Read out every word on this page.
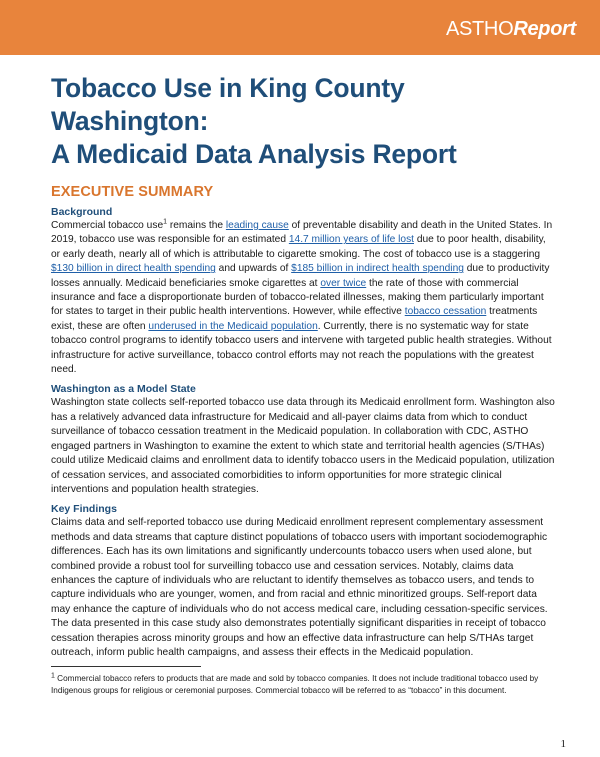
ASTHOReport
Tobacco Use in King County Washington:
A Medicaid Data Analysis Report
EXECUTIVE SUMMARY
Background

Commercial tobacco use$^1$ remains the leading cause of preventable disability and death in the United States. In 2019, tobacco use was responsible for an estimated 14.7 million years of life lost due to poor health, disability, or early death, nearly all of which is attributable to cigarette smoking. The cost of tobacco use is a staggering $130 billion in direct health spending and upwards of $185 billion in indirect health spending due to productivity losses annually. Medicaid beneficiaries smoke cigarettes at over twice the rate of those with commercial insurance and face a disproportionate burden of tobacco-related illnesses, making them particularly important for states to target in their public health interventions. However, while effective tobacco cessation treatments exist, these are often underused in the Medicaid population. Currently, there is no systematic way for state tobacco control programs to identify tobacco users and intervene with targeted public health strategies. Without infrastructure for active surveillance, tobacco control efforts may not reach the populations with the greatest need.

Washington as a Model State

Washington state collects self-reported tobacco use data through its Medicaid enrollment form. Washington also has a relatively advanced data infrastructure for Medicaid and all-payer claims data from which to conduct surveillance of tobacco cessation treatment in the Medicaid population. In collaboration with CDC, ASTHO engaged partners in Washington to examine the extent to which state and territorial health agencies (S/THAs) could utilize Medicaid claims and enrollment data to identify tobacco users in the Medicaid population, utilization of cessation services, and associated comorbidities to inform opportunities for more strategic clinical interventions and population health strategies.

Key Findings

Claims data and self-reported tobacco use during Medicaid enrollment represent complementary assessment methods and data streams that capture distinct populations of tobacco users with important sociodemographic differences. Each has its own limitations and significantly undercounts tobacco users when used alone, but combined provide a robust tool for surveilling tobacco use and cessation services. Notably, claims data enhances the capture of individuals who are reluctant to identify themselves as tobacco users, and tends to capture individuals who are younger, women, and from racial and ethnic minoritized groups. Self-report data may enhance the capture of individuals who do not access medical care, including cessation-specific services. The data presented in this case study also demonstrates potentially significant disparities in receipt of tobacco cessation therapies across minority groups and how an effective data infrastructure can help S/THAs target outreach, inform public health campaigns, and assess their effects in the Medicaid population.

$^1$ Commercial tobacco refers to products that are made and sold by tobacco companies. It does not include traditional tobacco used by Indigenous groups for religious or ceremonial purposes. Commercial tobacco will be referred to as “tobacco” in this document.
1
